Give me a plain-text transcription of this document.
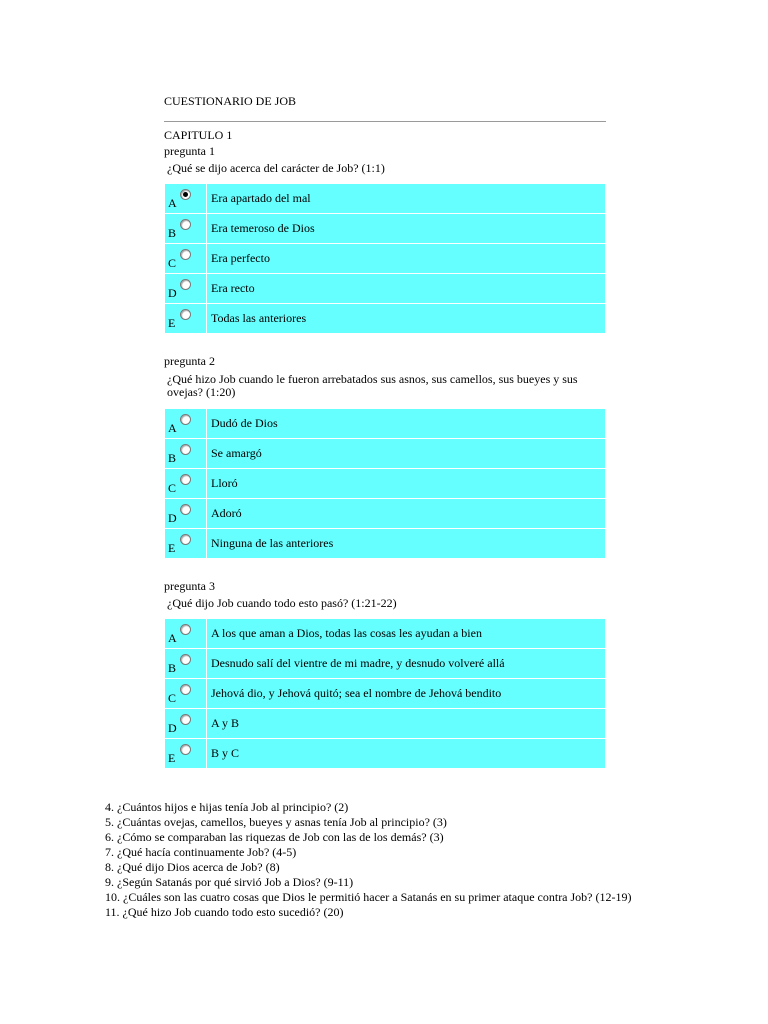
CUESTIONARIO DE JOB
CAPITULO 1
pregunta 1
¿Qué se dijo acerca del carácter de Job? (1:1)
A	Era apartado del mal
B	Era temeroso de Dios
C	Era perfecto
D	Era recto
E	Todas las anteriores
pregunta 2
¿Qué hizo Job cuando le fueron arrebatados sus asnos, sus camellos, sus bueyes y sus ovejas? (1:20)
A	Dudó de Dios
B	Se amargó
C	Lloró
D	Adoró
E	Ninguna de las anteriores
pregunta 3
¿Qué dijo Job cuando todo esto pasó? (1:21-22)
A	A los que aman a Dios, todas las cosas les ayudan a bien
B	Desnudo salí del vientre de mi madre, y desnudo volveré allá
C	Jehová dio, y Jehová quitó; sea el nombre de Jehová bendito
D	A y B
E	B y C
4. ¿Cuántos hijos e hijas tenía Job al principio? (2)
5. ¿Cuántas ovejas, camellos, bueyes y asnas tenía Job al principio? (3)
6. ¿Cómo se comparaban las riquezas de Job con las de los demás? (3)
7. ¿Qué hacía continuamente Job? (4-5)
8. ¿Qué dijo Dios acerca de Job? (8)
9. ¿Según Satanás por qué sirvió Job a Dios? (9-11)
10. ¿Cuáles son las cuatro cosas que Dios le permitió hacer a Satanás en su primer ataque contra Job? (12-19)
11. ¿Qué hizo Job cuando todo esto sucedió? (20)
